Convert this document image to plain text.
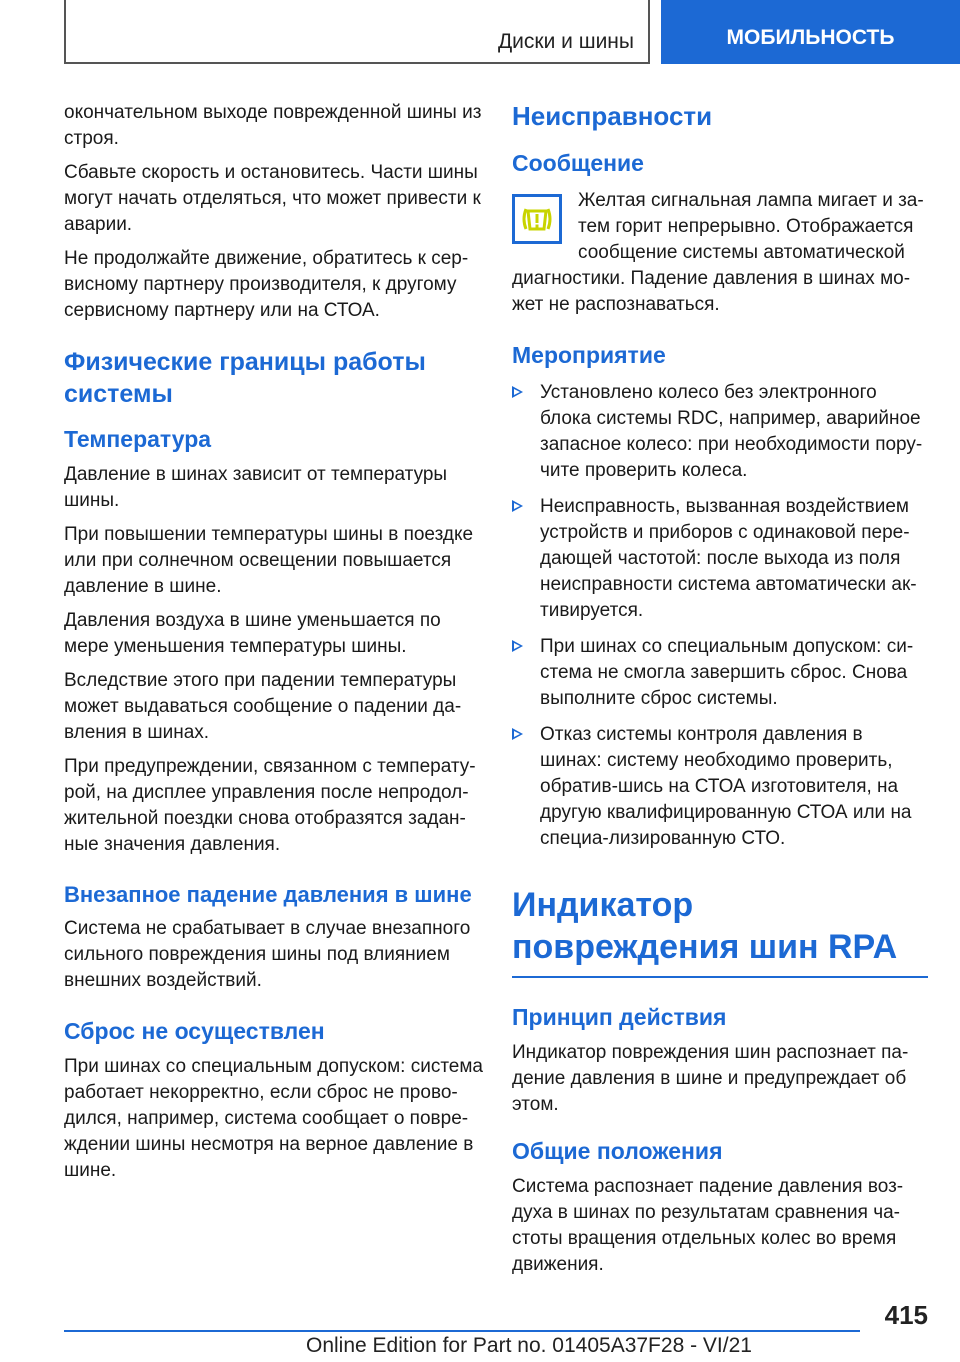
Диски и шины	МОБИЛЬНОСТЬ

окончательном выходе поврежденной шины из строя.

Сбавьте скорость и остановитесь. Части шины могут начать отделяться, что может привести к аварии.

Не продолжайте движение, обратитесь к сер-висному партнеру производителя, к другому сервисному партнеру или на СТОА.

Физические границы работы системы
Температура

Давление в шинах зависит от температуры шины.

При повышении температуры шины в поездке или при солнечном освещении повышается давление в шине.

Давления воздуха в шине уменьшается по мере уменьшения температуры шины.

Вследствие этого при падении температуры может выдаваться сообщение о падении да-вления в шинах.

При предупреждении, связанном с температу-рой, на дисплее управления после непродол-жительной поездки снова отобразятся задан-ные значения давления.

Внезапное падение давления в шине

Система не срабатывает в случае внезапного сильного повреждения шины под влиянием внешних воздействий.

Сброс не осуществлен

При шинах со специальным допуском: система работает некорректно, если сброс не прово-дился, например, система сообщает о повре-ждении шины несмотря на верное давление в шине.

Неисправности
Сообщение

Желтая сигнальная лампа мигает и за-тем горит непрерывно. Отображается сообщение системы автоматической диагностики. Падение давления в шинах мо-жет не распознаваться.

Мероприятие
Установлено колесо без электронного блока системы RDC, например, аварийное запасное колесо: при необходимости пору-чите проверить колеса.
Неисправность, вызванная воздействием устройств и приборов с одинаковой пере-дающей частотой: после выхода из поля неисправности система автоматически ак-тивируется.
При шинах со специальным допуском: си-стема не смогла завершить сброс. Снова выполните сброс системы.
Отказ системы контроля давления в шинах: систему необходимо проверить, обратив-шись на СТОА изготовителя, на другую квалифицированную СТОА или на специа-лизированную СТО.
Индикатор повреждения шин RPA
Принцип действия

Индикатор повреждения шин распознает па-дение давления в шине и предупреждает об этом.

Общие положения

Система распознает падение давления воз-духа в шинах по результатам сравнения ча-стоты вращения отдельных колес во время движения.

415
Online Edition for Part no. 01405A37F28 - VI/21
